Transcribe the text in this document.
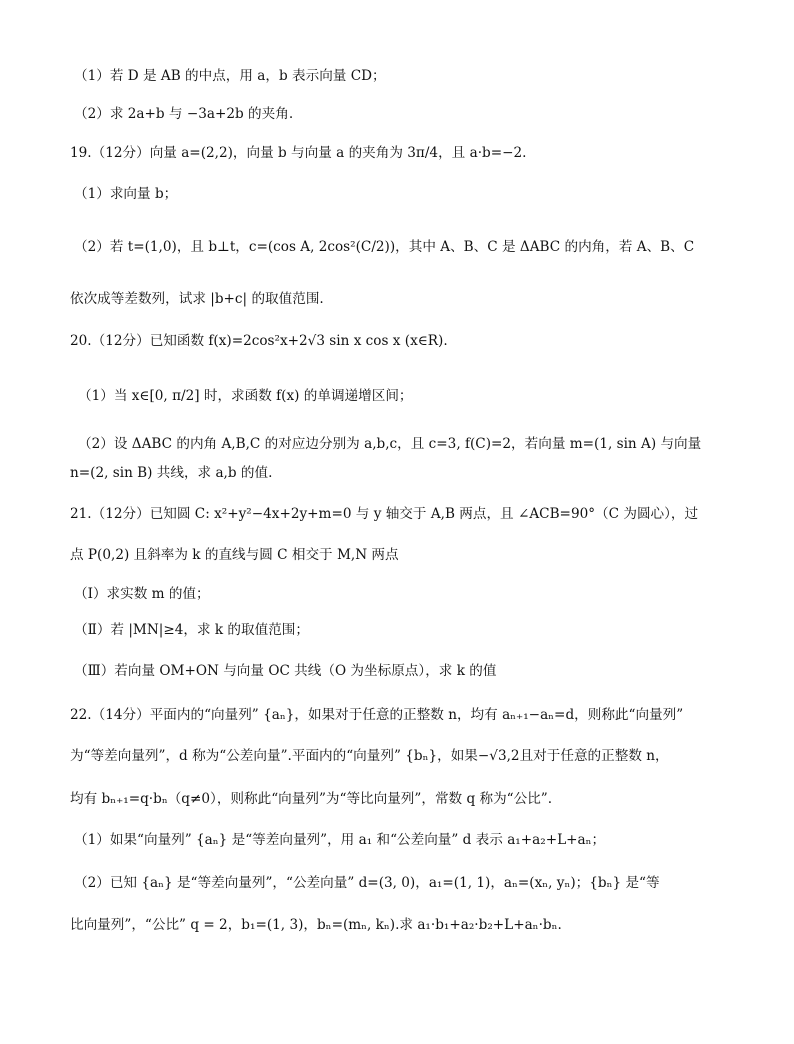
（1）若 D 是 AB 的中点，用 a，b 表示向量 CD；
（2）求 2a+b 与 −3a+2b 的夹角.
19.（12分）向量 a=(2,2)，向量 b 与向量 a 的夹角为 3π/4，且 a·b=−2.
（1）求向量 b；
（2）若 t=(1,0)，且 b⊥t，c=(cos A, 2cos²(C/2))，其中 A、B、C 是 ΔABC 的内角，若 A、B、C
依次成等差数列，试求 |b+c| 的取值范围.
20.（12分）已知函数 f(x)=2cos²x+2√3 sin x cos x (x∈R).
（1）当 x∈[0, π/2] 时，求函数 f(x) 的单调递增区间；
（2）设 ΔABC 的内角 A,B,C 的对应边分别为 a,b,c，且 c=3, f(C)=2，若向量 m=(1, sin A) 与向量
n=(2, sin B) 共线，求 a,b 的值.
21.（12分）已知圆 C: x²+y²−4x+2y+m=0 与 y 轴交于 A,B 两点，且 ∠ACB=90°（C 为圆心），过
点 P(0,2) 且斜率为 k 的直线与圆 C 相交于 M,N 两点
（Ⅰ）求实数 m 的值；
（Ⅱ）若 |MN|≥4，求 k 的取值范围；
（Ⅲ）若向量 OM+ON 与向量 OC 共线（O 为坐标原点），求 k 的值
22.（14分）平面内的“向量列” {aₙ}，如果对于任意的正整数 n，均有 aₙ₊₁−aₙ=d，则称此“向量列”
为“等差向量列”，d 称为“公差向量”.平面内的“向量列” {bₙ}，如果−√3,2且对于任意的正整数 n，
均有 bₙ₊₁=q·bₙ（q≠0），则称此“向量列”为“等比向量列”，常数 q 称为“公比”.
（1）如果“向量列” {aₙ} 是“等差向量列”，用 a₁ 和“公差向量” d 表示 a₁+a₂+L+aₙ；
（2）已知 {aₙ} 是“等差向量列”，“公差向量” d=(3, 0)，a₁=(1, 1)，aₙ=(xₙ, yₙ)；{bₙ} 是“等
比向量列”，“公比” q = 2，b₁=(1, 3)，bₙ=(mₙ, kₙ).求 a₁·b₁+a₂·b₂+L+aₙ·bₙ.
